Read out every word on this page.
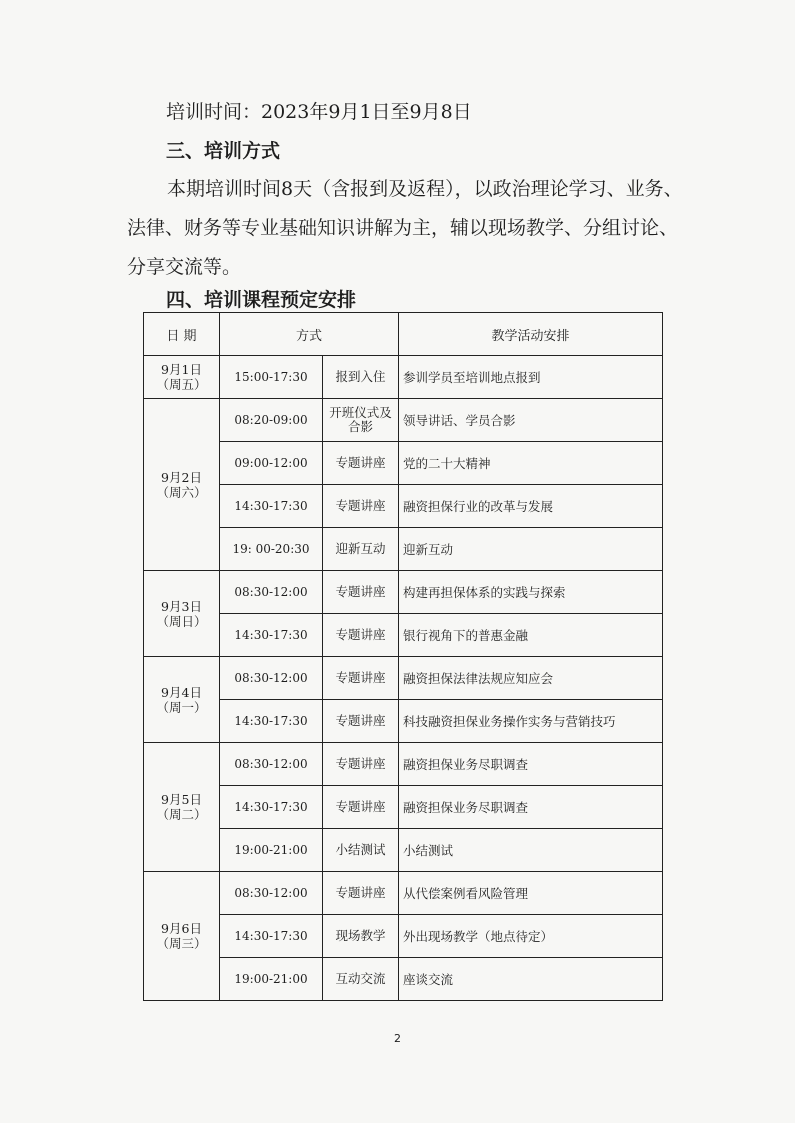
培训时间：2023年9月1日至9月8日
三、培训方式

本期培训时间8天（含报到及返程），以政治理论学习、业务、法律、财务等专业基础知识讲解为主，辅以现场教学、分组讨论、分享交流等。

四、培训课程预定安排
日 期	方式		教学活动安排

9月1日
（周五）	15:00-17:30	报到入住	参训学员至培训地点报到

9月2日
（周六）	08:20-09:00	开班仪式及合影	领导讲话、学员合影
	09:00-12:00	专题讲座	党的二十大精神
	14:30-17:30	专题讲座	融资担保行业的改革与发展
	19: 00-20:30	迎新互动	迎新互动

9月3日
（周日）	08:30-12:00	专题讲座	构建再担保体系的实践与探索
	14:30-17:30	专题讲座	银行视角下的普惠金融

9月4日
（周一）	08:30-12:00	专题讲座	融资担保法律法规应知应会
	14:30-17:30	专题讲座	科技融资担保业务操作实务与营销技巧

9月5日
（周二）	08:30-12:00	专题讲座	融资担保业务尽职调查
	14:30-17:30	专题讲座	融资担保业务尽职调查
	19:00-21:00	小结测试	小结测试

9月6日
（周三）	08:30-12:00	专题讲座	从代偿案例看风险管理
	14:30-17:30	现场教学	外出现场教学（地点待定）
	19:00-21:00	互动交流	座谈交流
2
